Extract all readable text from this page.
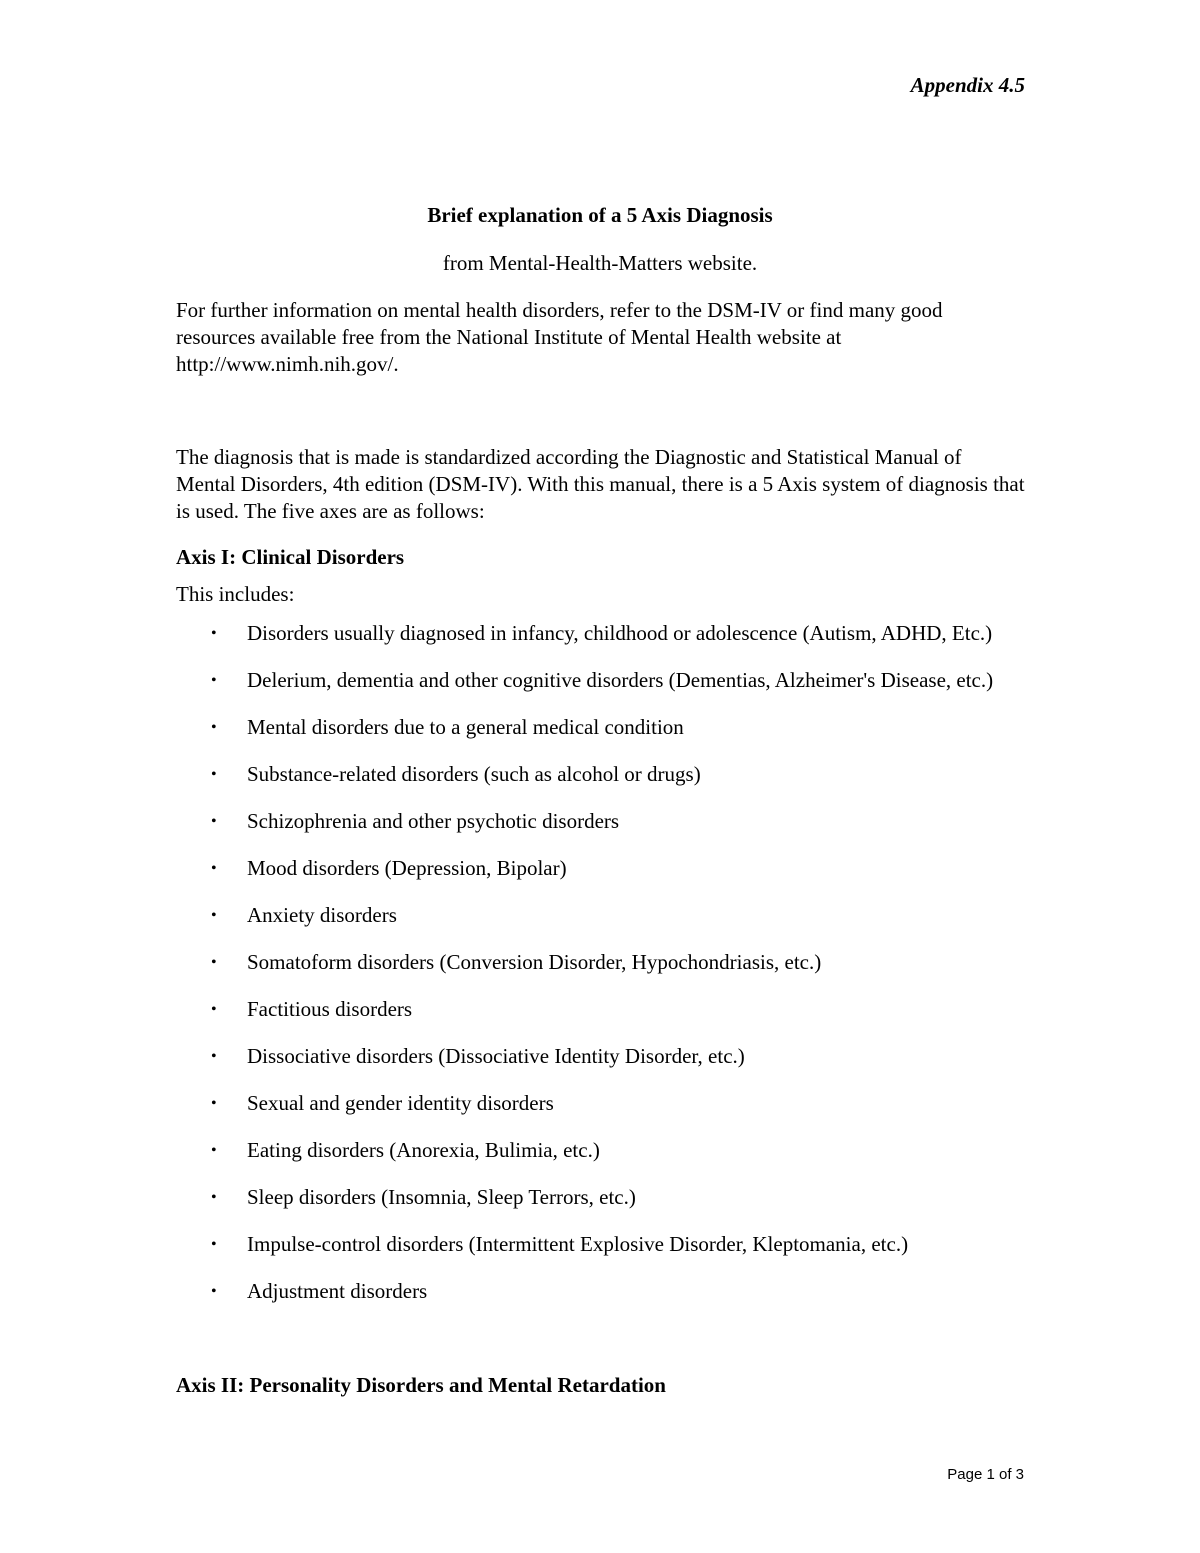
Appendix 4.5
Brief explanation of a 5 Axis Diagnosis
from Mental-Health-Matters website.
For further information on mental health disorders, refer to the DSM-IV or find many good resources available free from the National Institute of Mental Health website at http://www.nimh.nih.gov/.
The diagnosis that is made is standardized according the Diagnostic and Statistical Manual of Mental Disorders, 4th edition (DSM-IV). With this manual, there is a 5 Axis system of diagnosis that is used. The five axes are as follows:
Axis I: Clinical Disorders
This includes:
• Disorders usually diagnosed in infancy, childhood or adolescence (Autism, ADHD, Etc.)
• Delerium, dementia and other cognitive disorders (Dementias, Alzheimer's Disease, etc.)
• Mental disorders due to a general medical condition
• Substance-related disorders (such as alcohol or drugs)
• Schizophrenia and other psychotic disorders
• Mood disorders (Depression, Bipolar)
• Anxiety disorders
• Somatoform disorders (Conversion Disorder, Hypochondriasis, etc.)
• Factitious disorders
• Dissociative disorders (Dissociative Identity Disorder, etc.)
• Sexual and gender identity disorders
• Eating disorders (Anorexia, Bulimia, etc.)
• Sleep disorders (Insomnia, Sleep Terrors, etc.)
• Impulse-control disorders (Intermittent Explosive Disorder, Kleptomania, etc.)
• Adjustment disorders
Axis II: Personality Disorders and Mental Retardation
Page 1 of 3
